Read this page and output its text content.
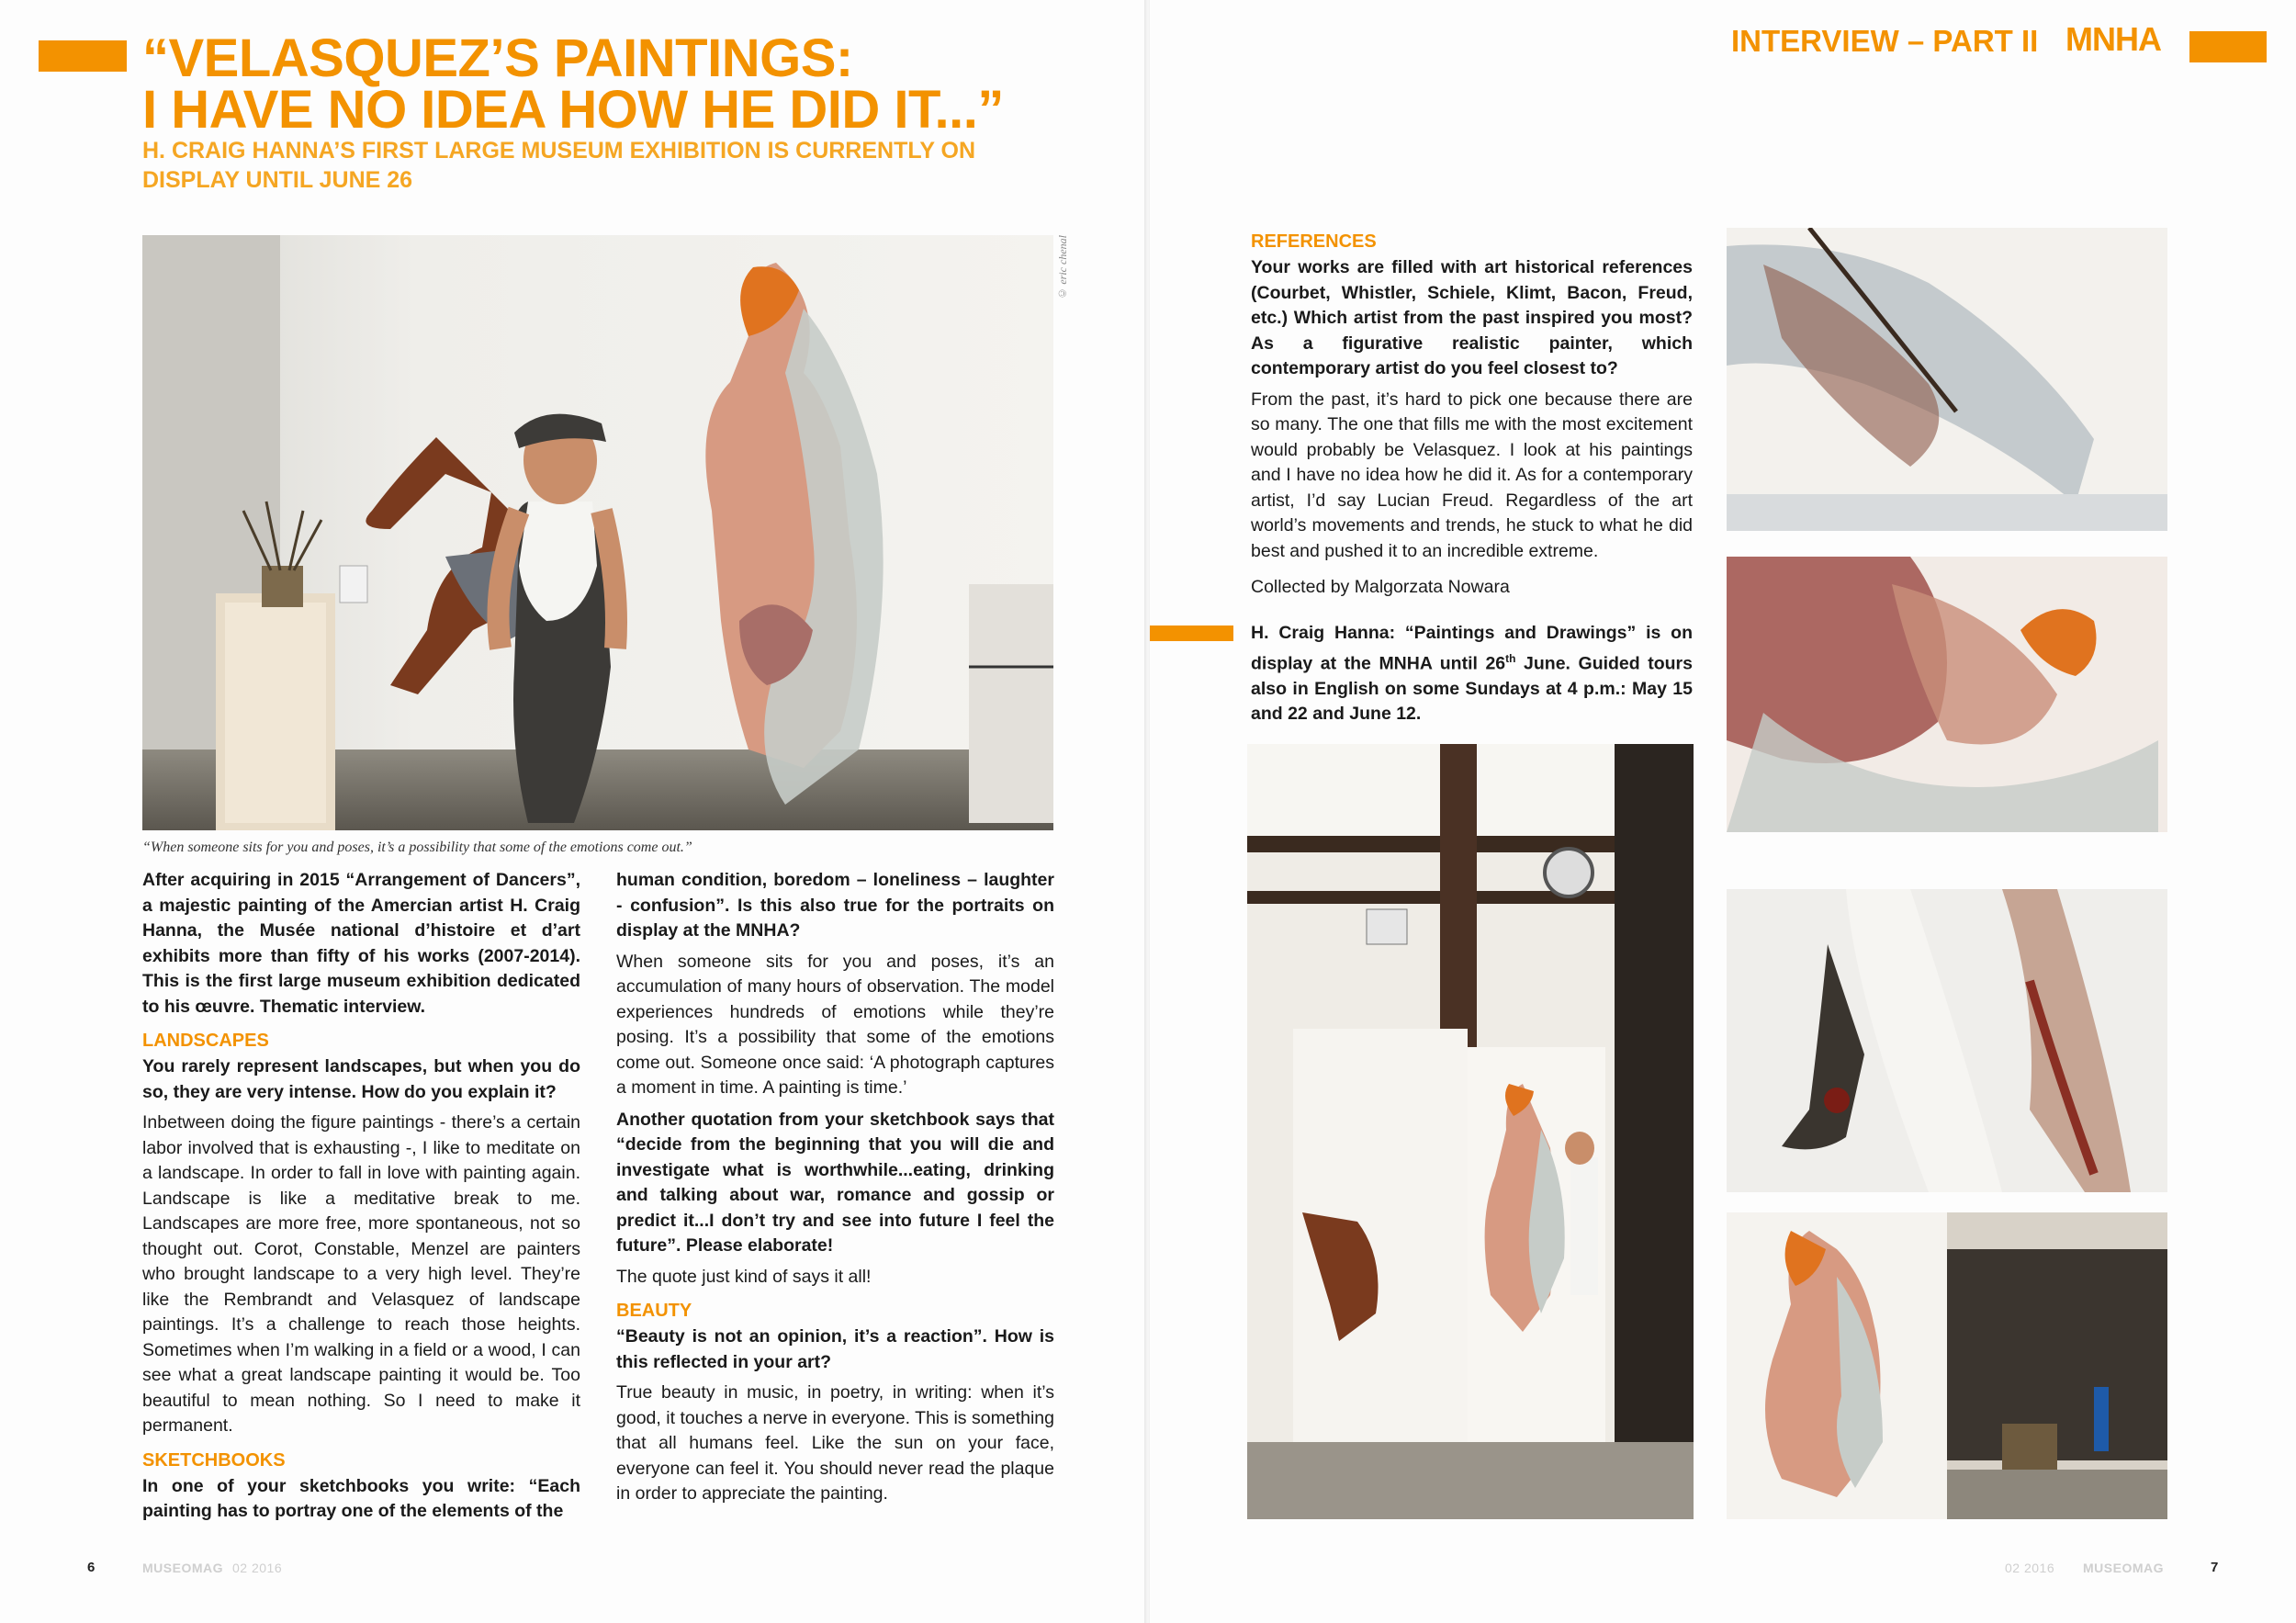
“VELASQUEZ’S PAINTINGS:
I HAVE NO IDEA HOW HE DID IT...”
H. CRAIG HANNA’S FIRST LARGE MUSEUM EXHIBITION IS CURRENTLY ON DISPLAY UNTIL JUNE 26
© eric chenal
“When someone sits for you and poses, it’s a possibility that some of the emotions come out.”

After acquiring in 2015 “Arrangement of Dancers”, a majestic painting of the Amercian artist H. Craig Hanna, the Musée national d’histoire et d’art exhibits more than fifty of his works (2007-2014). This is the first large museum exhibition dedicated to his œuvre. Thematic interview.

LANDSCAPES

You rarely represent landscapes, but when you do so, they are very intense. How do you explain it?

Inbetween doing the figure paintings - there’s a certain labor involved that is exhausting -, I like to meditate on a landscape. In order to fall in love with painting again. Landscape is like a meditative break to me. Landscapes are more free, more spontaneous, not so thought out. Corot, Constable, Menzel are painters who brought landscape to a very high level. They’re like the Rembrandt and Velasquez of landscape paintings. It’s a challenge to reach those heights. Sometimes when I’m walking in a field or a wood, I can see what a great landscape painting it would be. Too beautiful to mean nothing. So I need to make it permanent.

SKETCHBOOKS

In one of your sketchbooks you write: “Each painting has to portray one of the elements of the

human condition, boredom – loneliness – laughter - confusion”. Is this also true for the portraits on display at the MNHA?

When someone sits for you and poses, it’s an accumulation of many hours of observation. The model experiences hundreds of emotions while they’re posing. It’s a possibility that some of the emotions come out. Someone once said: ‘A photograph captures a moment in time. A painting is time.’

Another quotation from your sketchbook says that “decide from the beginning that you will die and investigate what is worthwhile...eating, drinking and talking about war, romance and gossip or predict it...I don’t try and see into future I feel the future”. Please elaborate!

The quote just kind of says it all!

BEAUTY

“Beauty is not an opinion, it’s a reaction”. How is this reflected in your art?

True beauty in music, in poetry, in writing: when it’s good, it touches a nerve in everyone. This is something that all humans feel. Like the sun on your face, everyone can feel it. You should never read the plaque in order to appreciate the painting.

6	MUSEOMAG 02 2016
INTERVIEW – PART II MNHA
REFERENCES

Your works are filled with art historical references (Courbet, Whistler, Schiele, Klimt, Bacon, Freud, etc.) Which artist from the past inspired you most? As a figurative realistic painter, which contemporary artist do you feel closest to?

From the past, it’s hard to pick one because there are so many. The one that fills me with the most excitement would probably be Velasquez. I look at his paintings and I have no idea how he did it. As for a contemporary artist, I’d say Lucian Freud. Regardless of the art world’s movements and trends, he stuck to what he did best and pushed it to an incredible extreme.

Collected by Malgorzata Nowara

H. Craig Hanna: “Paintings and Drawings” is on display at the MNHA until 26th June. Guided tours also in English on some Sundays at 4 p.m.: May 15 and 22 and June 12.
02 2016 MUSEOMAG	7
